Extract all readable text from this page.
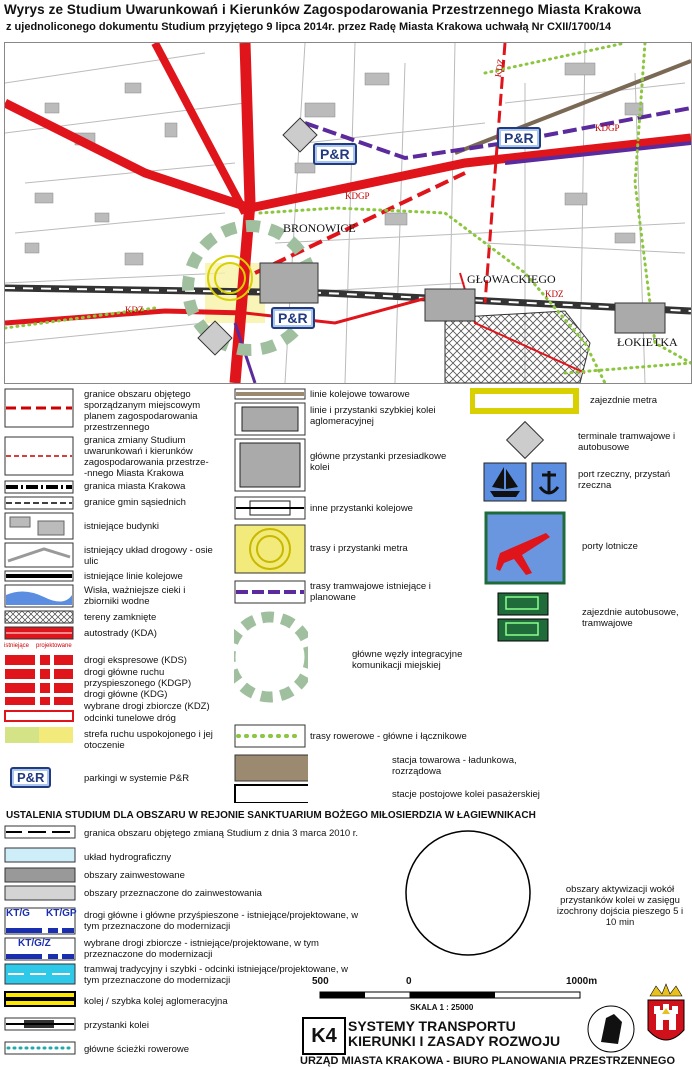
Wyrys ze Studium Uwarunkowań i Kierunków Zagospodarowania Przestrzennego Miasta Krakowa
z ujednoliconego dokumentu Studium przyjętego 9 lipca 2014r. przez Radę Miasta Krakowa uchwałą Nr CXII/1700/14
BRONOWICE
GŁOWACKIEGO
ŁOKIETKA
KDZ
KDGP
KDGP
KDZ
KDZ
P&R
P&R
P&R
istniejące projektowane
P&R
granice obszaru objętego sporządzanym miejscowym planem zagospodarowania przestrzennego
granica zmiany Studium uwarunkowań i kierunków zagospodarowania przestrze- -nnego Miasta Krakowa
granica miasta Krakowa
granice gmin sąsiednich
istniejące budynki
istniejący układ drogowy - osie ulic
istniejące linie kolejowe
Wisła, ważniejsze cieki i zbiorniki wodne
tereny zamknięte
autostrady (KDA)
drogi ekspresowe (KDS)
drogi główne ruchu przyspieszonego (KDGP)
drogi główne (KDG)
wybrane drogi zbiorcze (KDZ)
odcinki tunelowe dróg
strefa ruchu uspokojonego i jej otoczenie
parkingi w systemie P&R
linie kolejowe towarowe
linie i przystanki szybkiej kolei aglomeracyjnej
główne przystanki przesiadkowe kolei
inne przystanki kolejowe
trasy i przystanki metra
trasy tramwajowe istniejące i planowane
główne węzły integracyjne komunikacji miejskiej
trasy rowerowe - główne i łącznikowe
stacja towarowa - ładunkowa, rozrządowa
stacje postojowe kolei pasażerskiej
zajezdnie metra
terminale tramwajowe i autobusowe
port rzeczny, przystań rzeczna
porty lotnicze
zajezdnie autobusowe, tramwajowe
USTALENIA STUDIUM DLA OBSZARU W REJONIE SANKTUARIUM BOŻEGO MIŁOSIERDZIA W ŁAGIEWNIKACH
KT/G KT/GP
KT/G/Z
granica obszaru objętego zmianą Studium z dnia 3 marca 2010 r.
układ hydrograficzny
obszary zainwestowane
obszary przeznaczone do zainwestowania
drogi główne i główne przyśpieszone - istniejące/projektowane, w tym przeznaczone do modernizacji
wybrane drogi zbiorcze - istniejące/projektowane, w tym przeznaczone do modernizacji
tramwaj tradycyjny i szybki - odcinki istniejące/projektowane, w tym przeznaczone do modernizacji
kolej / szybka kolej aglomeracyjna
przystanki kolei
główne ścieżki rowerowe
obszary aktywizacji wokół przystanków kolei w zasięgu izochrony dojścia pieszego 5 i 10 min
500	0	1000m
SKALA 1 : 25000
K4 SYSTEMY TRANSPORTU
KIERUNKI I ZASADY ROZWOJU
URZĄD MIASTA KRAKOWA - BIURO PLANOWANIA PRZESTRZENNEGO
